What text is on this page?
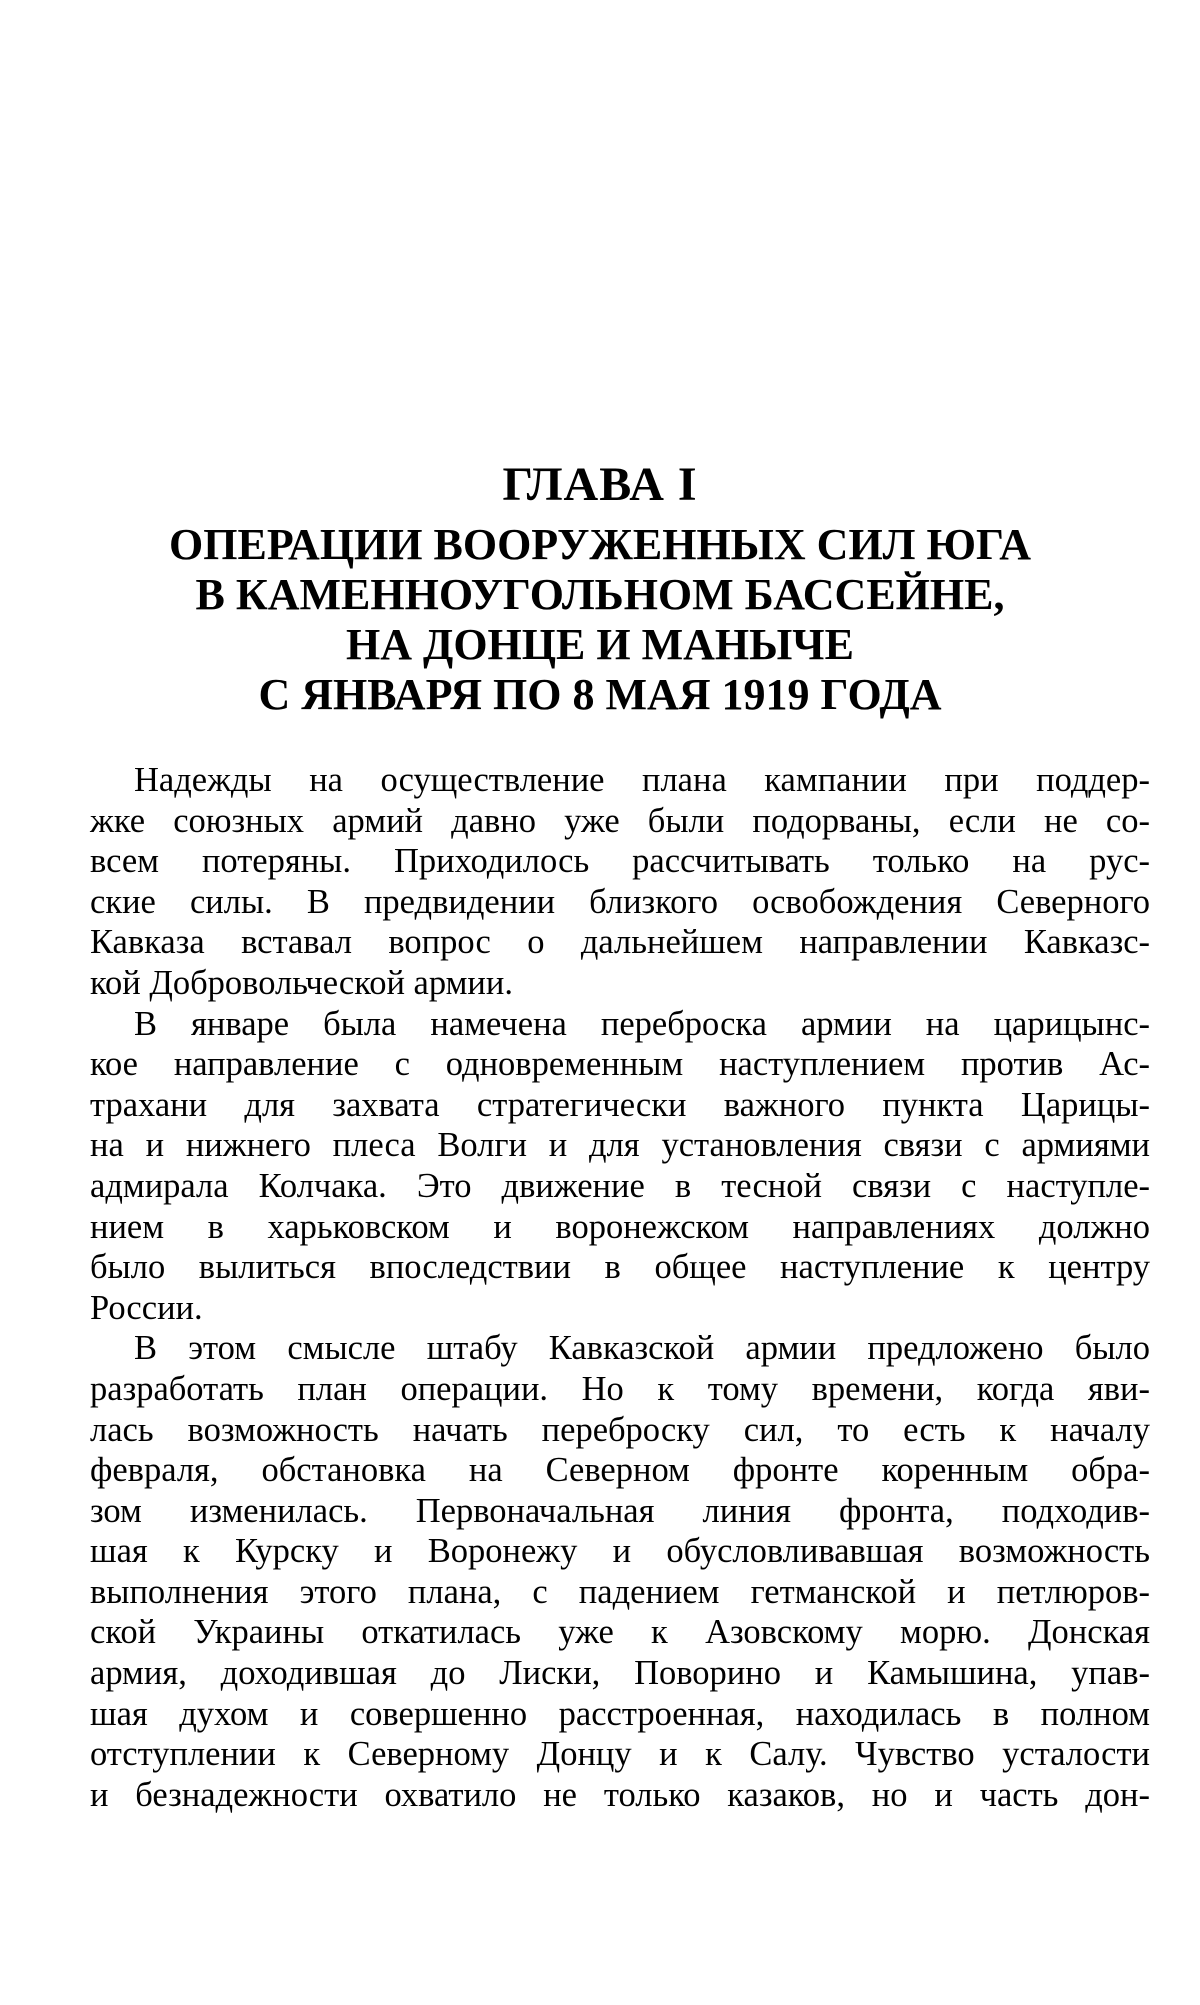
ГЛАВА I
ОПЕРАЦИИ ВООРУЖЕННЫХ СИЛ ЮГА
В КАМЕННОУГОЛЬНОМ БАССЕЙНЕ,
НА ДОНЦЕ И МАНЫЧЕ
С ЯНВАРЯ ПО 8 МАЯ 1919 ГОДА
Надежды на осуществление плана кампании при поддер-
жке союзных армий давно уже были подорваны, если не со-
всем потеряны. Приходилось рассчитывать только на рус-
ские силы. В предвидении близкого освобождения Северного
Кавказа вставал вопрос о дальнейшем направлении Кавказс-
кой Добровольческой армии.
В январе была намечена переброска армии на царицынс-
кое направление с одновременным наступлением против Ас-
трахани для захвата стратегически важного пункта Царицы-
на и нижнего плеса Волги и для установления связи с армиями
адмирала Колчака. Это движение в тесной связи с наступле-
нием в харьковском и воронежском направлениях должно
было вылиться впоследствии в общее наступление к центру
России.
В этом смысле штабу Кавказской армии предложено было
разработать план операции. Но к тому времени, когда яви-
лась возможность начать переброску сил, то есть к началу
февраля, обстановка на Северном фронте коренным обра-
зом изменилась. Первоначальная линия фронта, подходив-
шая к Курску и Воронежу и обусловливавшая возможность
выполнения этого плана, с падением гетманской и петлюров-
ской Украины откатилась уже к Азовскому морю. Донская
армия, доходившая до Лиски, Поворино и Камышина, упав-
шая духом и совершенно расстроенная, находилась в полном
отступлении к Северному Донцу и к Салу. Чувство усталости
и безнадежности охватило не только казаков, но и часть дон-
